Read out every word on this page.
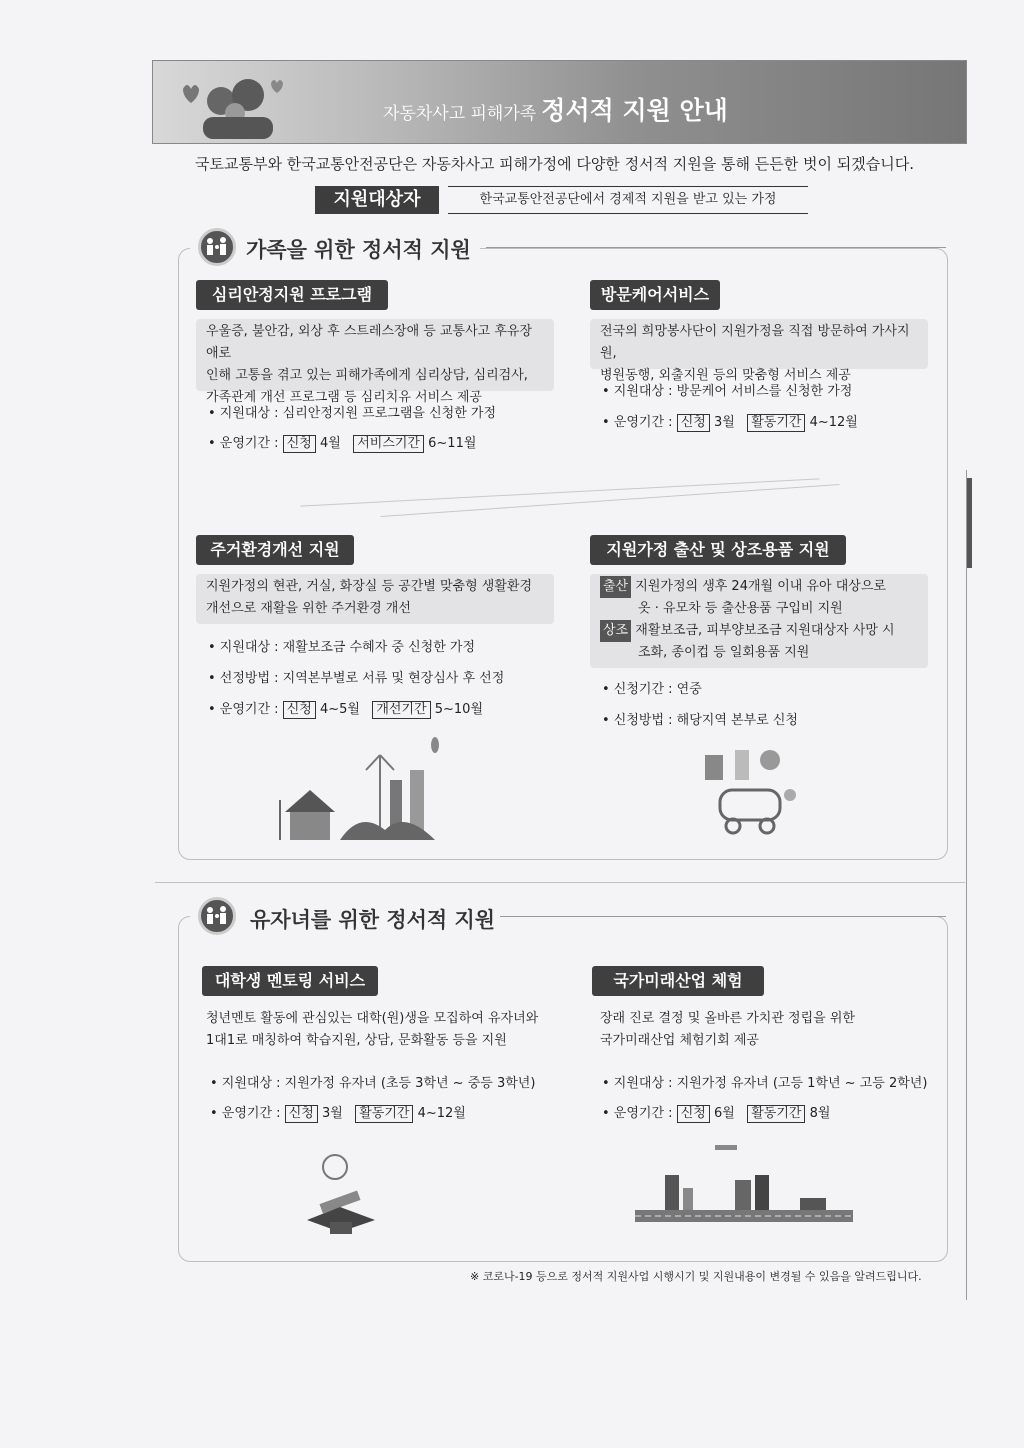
자동차사고 피해가족 정서적 지원 안내
국토교통부와 한국교통안전공단은 자동차사고 피해가정에 다양한 정서적 지원을 통해 든든한 벗이 되겠습니다.
지원대상자	한국교통안전공단에서 경제적 지원을 받고 있는 가정
가족을 위한 정서적 지원
심리안정지원 프로그램
우울증, 불안감, 외상 후 스트레스장애 등 교통사고 후유장애로
인해 고통을 겪고 있는 피해가족에게 심리상담, 심리검사,
가족관계 개선 프로그램 등 심리치유 서비스 제공
• 지원대상 : 심리안정지원 프로그램을 신청한 가정
• 운영기간 : 신청 4월 서비스기간 6~11월
방문케어서비스
전국의 희망봉사단이 지원가정을 직접 방문하여 가사지원,
병원동행, 외출지원 등의 맞춤형 서비스 제공
• 지원대상 : 방문케어 서비스를 신청한 가정
• 운영기간 : 신청 3월 활동기간 4~12월
주거환경개선 지원
지원가정의 현관, 거실, 화장실 등 공간별 맞춤형 생활환경
개선으로 재활을 위한 주거환경 개선
• 지원대상 : 재활보조금 수혜자 중 신청한 가정
• 선정방법 : 지역본부별로 서류 및 현장심사 후 선정
• 운영기간 : 신청 4~5월 개선기간 5~10월
지원가정 출산 및 상조용품 지원
출산 지원가정의 생후 24개월 이내 유아 대상으로
옷 · 유모차 등 출산용품 구입비 지원
상조 재활보조금, 피부양보조금 지원대상자 사망 시
조화, 종이컵 등 일회용품 지원
• 신청기간 : 연중
• 신청방법 : 해당지역 본부로 신청
유자녀를 위한 정서적 지원
대학생 멘토링 서비스
청년멘토 활동에 관심있는 대학(원)생을 모집하여 유자녀와
1대1로 매칭하여 학습지원, 상담, 문화활동 등을 지원
• 지원대상 : 지원가정 유자녀 (초등 3학년 ~ 중등 3학년)
• 운영기간 : 신청 3월 활동기간 4~12월
국가미래산업 체험
장래 진로 결정 및 올바른 가치관 정립을 위한
국가미래산업 체험기회 제공
• 지원대상 : 지원가정 유자녀 (고등 1학년 ~ 고등 2학년)
• 운영기간 : 신청 6월 활동기간 8월
※ 코로나-19 등으로 정서적 지원사업 시행시기 및 지원내용이 변경될 수 있음을 알려드립니다.
